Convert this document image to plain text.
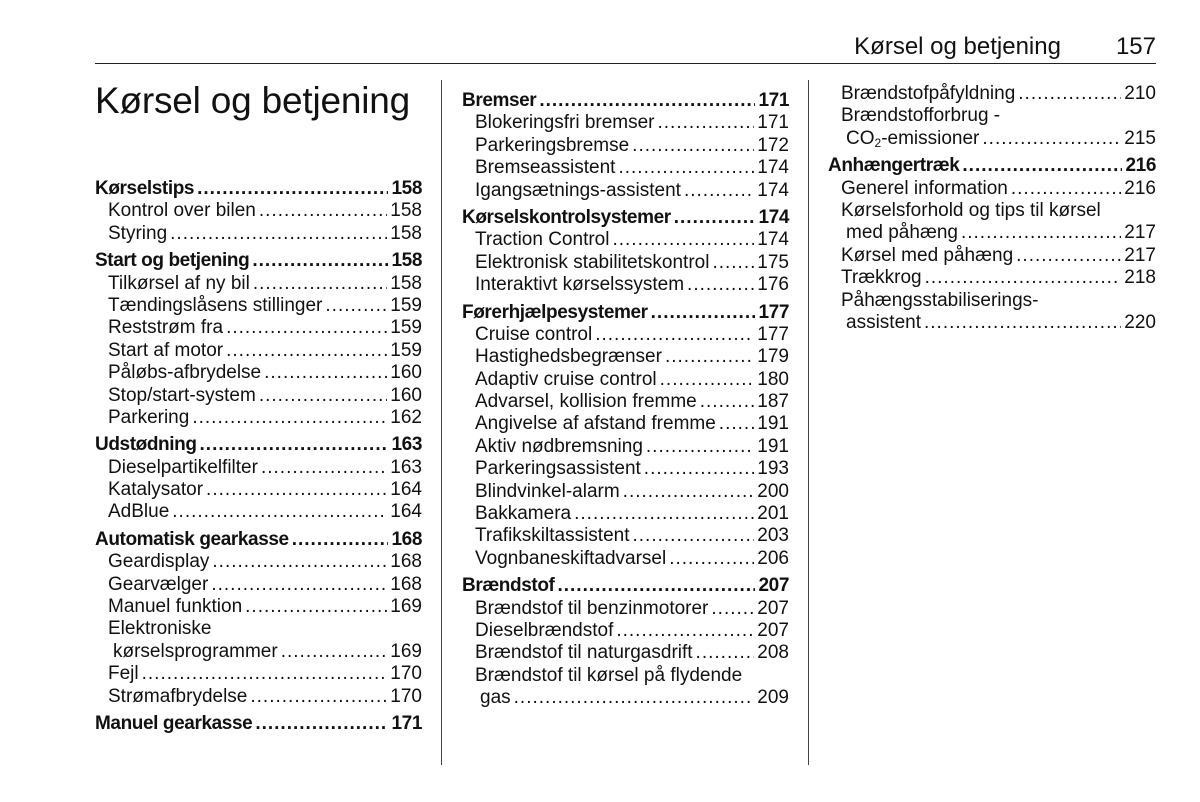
Kørsel og betjening 157
Kørsel og betjening
Kørselstips .....	158
Kontrol over bilen .....	158
Styring .....	158
Start og betjening .....	158
Tilkørsel af ny bil .....	158
Tændingslåsens stillinger .....	159
Reststrøm fra .....	159
Start af motor .....	159
Påløbs-afbrydelse .....	160
Stop/start-system .....	160
Parkering .....	162
Udstødning .....	163
Dieselpartikelfilter .....	163
Katalysator .....	164
AdBlue .....	164
Automatisk gearkasse .....	168
Geardisplay .....	168
Gearvælger .....	168
Manuel funktion .....	169
Elektroniske
kørselsprogrammer .....	169
Fejl .....	170
Strømafbrydelse .....	170
Manuel gearkasse .....	171
Bremser .....	171
Blokeringsfri bremser .....	171
Parkeringsbremse .....	172
Bremseassistent .....	174
Igangsætnings-assistent .....	174
Kørselskontrolsystemer .....	174
Traction Control .....	174
Elektronisk stabilitetskontrol .....	175
Interaktivt kørselssystem .....	176
Førerhjælpesystemer .....	177
Cruise control .....	177
Hastighedsbegrænser .....	179
Adaptiv cruise control .....	180
Advarsel, kollision fremme .....	187
Angivelse af afstand fremme ..... 191
Aktiv nødbremsning .....	191
Parkeringsassistent .....	193
Blindvinkel-alarm .....	200
Bakkamera .....	201
Trafikskiltassistent .....	203
Vognbaneskiftadvarsel .....	206
Brændstof .....	207
Brændstof til benzinmotorer .....	207
Dieselbrændstof .....	207
Brændstof til naturgasdrift .....	208
Brændstof til kørsel på flydende
gas .....	209
Brændstofpåfyldning .....	210
Brændstofforbrug -
$CO_2$-emissioner .....	215
Anhængertræk .....	216
Generel information .....	216
Kørselsforhold og tips til kørsel
med påhæng .....	217
Kørsel med påhæng .....	217
Trækkrog .....	218
Påhængsstabiliserings-
assistent .....	220
